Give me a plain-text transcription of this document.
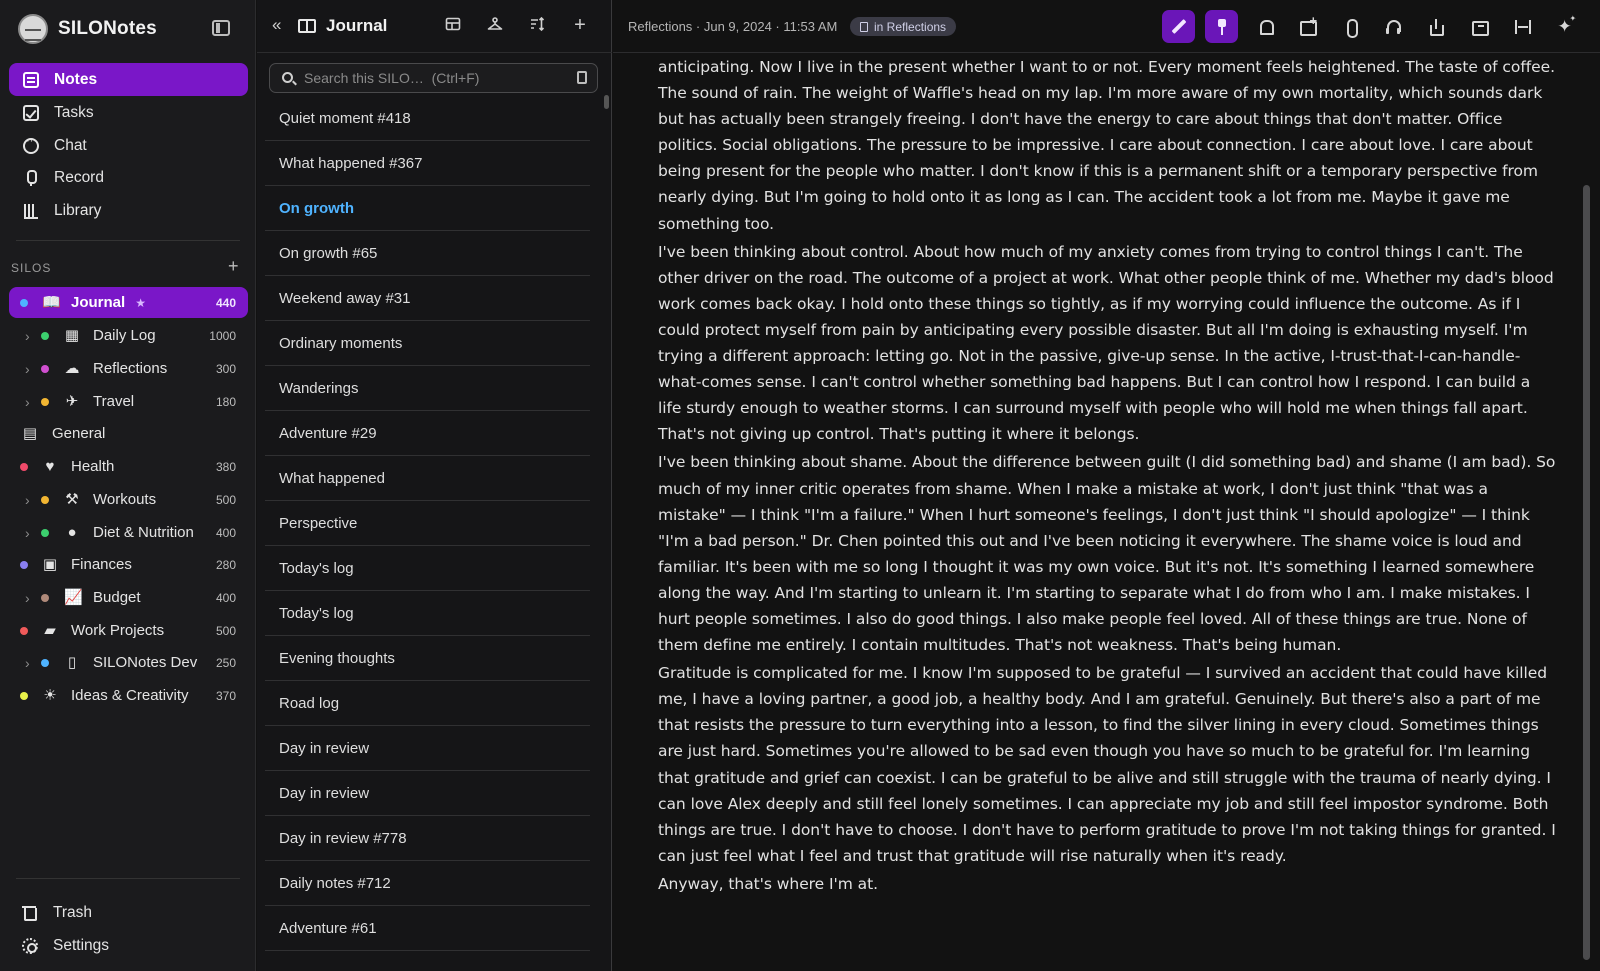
SILONotes
Notes
Tasks
···
Chat
Record
Library
SILOS	+
📖 Journal ★	440
›	▦ Daily Log	1000
›	☁ Reflections	300
›	✈ Travel	180
▤ General
♥ Health	380
›	⚒ Workouts	500
›	● Diet & Nutrition 400
▣ Finances	280
›	📈 Budget	400
▰ Work Projects	500
›	▯ SILONotes Dev 250
☀ Ideas & Creativity 370
Trash
Settings
«	Journal	+
Search this SILO… (Ctrl+F)
Quiet moment #418
What happened #367
On growth
On growth #65
Weekend away #31
Ordinary moments
Wanderings
Adventure #29
What happened
Perspective
Today's log
Today's log
Evening thoughts
Road log
Day in review
Day in review
Day in review #778
Daily notes #712
Adventure #61
Reflections · Jun 9, 2024 · 11:53 AM	in Reflections
+
✦ ✦

anticipating. Now I live in the present whether I want to or not. Every moment feels heightened. The taste of coffee. The sound of rain. The weight of Waffle's head on my lap. I'm more aware of my own mortality, which sounds dark but has actually been strangely freeing. I don't have the energy to care about things that don't matter. Office politics. Social obligations. The pressure to be impressive. I care about connection. I care about love. I care about being present for the people who matter. I don't know if this is a permanent shift or a temporary perspective from nearly dying. But I'm going to hold onto it as long as I can. The accident took a lot from me. Maybe it gave me something too.

I've been thinking about control. About how much of my anxiety comes from trying to control things I can't. The other driver on the road. The outcome of a project at work. What other people think of me. Whether my dad's blood work comes back okay. I hold onto these things so tightly, as if my worrying could influence the outcome. As if I could protect myself from pain by anticipating every possible disaster. But all I'm doing is exhausting myself. I'm trying a different approach: letting go. Not in the passive, give-up sense. In the active, I-trust-that-I-can-handle-what-comes sense. I can't control whether something bad happens. But I can control how I respond. I can build a life sturdy enough to weather storms. I can surround myself with people who will hold me when things fall apart. That's not giving up control. That's putting it where it belongs.

I've been thinking about shame. About the difference between guilt (I did something bad) and shame (I am bad). So much of my inner critic operates from shame. When I make a mistake at work, I don't just think "that was a mistake" — I think "I'm a failure." When I hurt someone's feelings, I don't just think "I should apologize" — I think "I'm a bad person." Dr. Chen pointed this out and I've been noticing it everywhere. The shame voice is loud and familiar. It's been with me so long I thought it was my own voice. But it's not. It's something I learned somewhere along the way. And I'm starting to unlearn it. I'm starting to separate what I do from who I am. I make mistakes. I hurt people sometimes. I also do good things. I also make people feel loved. All of these things are true. None of them define me entirely. I contain multitudes. That's not weakness. That's being human.

Gratitude is complicated for me. I know I'm supposed to be grateful — I survived an accident that could have killed me, I have a loving partner, a good job, a healthy body. And I am grateful. Genuinely. But there's also a part of me that resists the pressure to turn everything into a lesson, to find the silver lining in every cloud. Sometimes things are just hard. Sometimes you're allowed to be sad even though you have so much to be grateful for. I'm learning that gratitude and grief can coexist. I can be grateful to be alive and still struggle with the trauma of nearly dying. I can love Alex deeply and still feel lonely sometimes. I can appreciate my job and still feel impostor syndrome. Both things are true. I don't have to choose. I don't have to perform gratitude to prove I'm not taking things for granted. I can just feel what I feel and trust that gratitude will rise naturally when it's ready.

Anyway, that's where I'm at.
